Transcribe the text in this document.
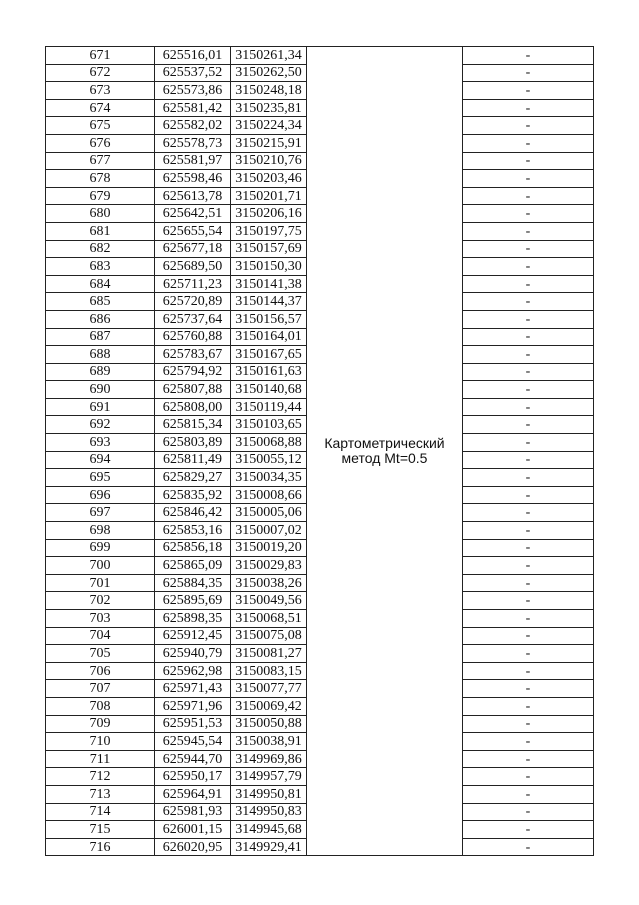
671	625516,01	3150261,34	Картометрический
метод Mt=0.5	-
672	625537,52	3150262,50		-
673	625573,86	3150248,18		-
674	625581,42	3150235,81		-
675	625582,02	3150224,34		-
676	625578,73	3150215,91		-
677	625581,97	3150210,76		-
678	625598,46	3150203,46		-
679	625613,78	3150201,71		-
680	625642,51	3150206,16		-
681	625655,54	3150197,75		-
682	625677,18	3150157,69		-
683	625689,50	3150150,30		-
684	625711,23	3150141,38		-
685	625720,89	3150144,37		-
686	625737,64	3150156,57		-
687	625760,88	3150164,01		-
688	625783,67	3150167,65		-
689	625794,92	3150161,63		-
690	625807,88	3150140,68		-
691	625808,00	3150119,44		-
692	625815,34	3150103,65		-
693	625803,89	3150068,88		-
694	625811,49	3150055,12		-
695	625829,27	3150034,35		-
696	625835,92	3150008,66		-
697	625846,42	3150005,06		-
698	625853,16	3150007,02		-
699	625856,18	3150019,20		-
700	625865,09	3150029,83		-
701	625884,35	3150038,26		-
702	625895,69	3150049,56		-
703	625898,35	3150068,51		-
704	625912,45	3150075,08		-
705	625940,79	3150081,27		-
706	625962,98	3150083,15		-
707	625971,43	3150077,77		-
708	625971,96	3150069,42		-
709	625951,53	3150050,88		-
710	625945,54	3150038,91		-
711	625944,70	3149969,86		-
712	625950,17	3149957,79		-
713	625964,91	3149950,81		-
714	625981,93	3149950,83		-
715	626001,15	3149945,68		-
716	626020,95	3149929,41		-
